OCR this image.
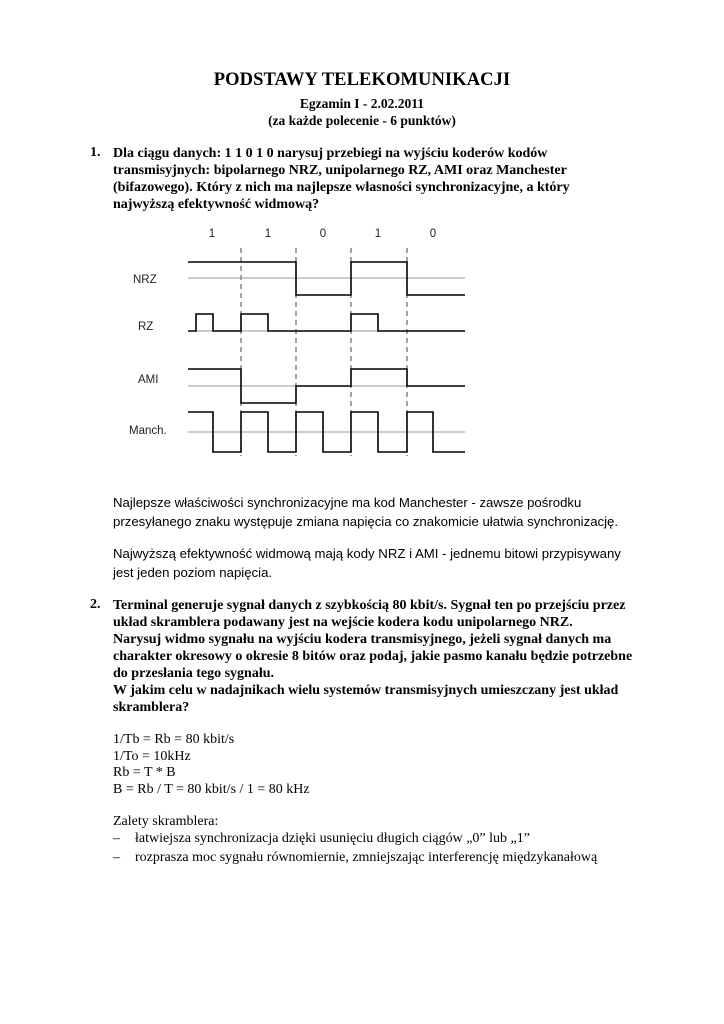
PODSTAWY TELEKOMUNIKACJI
Egzamin I - 2.02.2011
(za każde polecenie - 6 punktów)
1. Dla ciągu danych: 1 1 0 1 0 narysuj przebiegi na wyjściu koderów kodów
transmisyjnych: bipolarnego NRZ, unipolarnego RZ, AMI oraz Manchester
(bifazowego). Który z nich ma najlepsze własności synchronizacyjne, a który
najwyższą efektywność widmową?
1	1	0	1	0
NRZ
RZ
AMI
Manch.
Najlepsze właściwości synchronizacyjne ma kod Manchester - zawsze pośrodku
przesyłanego znaku występuje zmiana napięcia co znakomicie ułatwia synchronizację.
Najwyższą efektywność widmową mają kody NRZ i AMI - jednemu bitowi przypisywany
jest jeden poziom napięcia.
2. Terminal generuje sygnał danych z szybkością 80 kbit/s. Sygnał ten po przejściu przez
układ skramblera podawany jest na wejście kodera kodu unipolarnego NRZ.
Narysuj widmo sygnału na wyjściu kodera transmisyjnego, jeżeli sygnał danych ma
charakter okresowy o okresie 8 bitów oraz podaj, jakie pasmo kanału będzie potrzebne
do przesłania tego sygnału.
W jakim celu w nadajnikach wielu systemów transmisyjnych umieszczany jest układ
skramblera?
1/Tb = Rb = 80 kbit/s
1/To = 10kHz
Rb = T * B
B = Rb / T = 80 kbit/s / 1 = 80 kHz
Zalety skramblera:
– łatwiejsza synchronizacja dzięki usunięciu długich ciągów „0” lub „1”
– rozprasza moc sygnału równomiernie, zmniejszając interferencję międzykanałową
